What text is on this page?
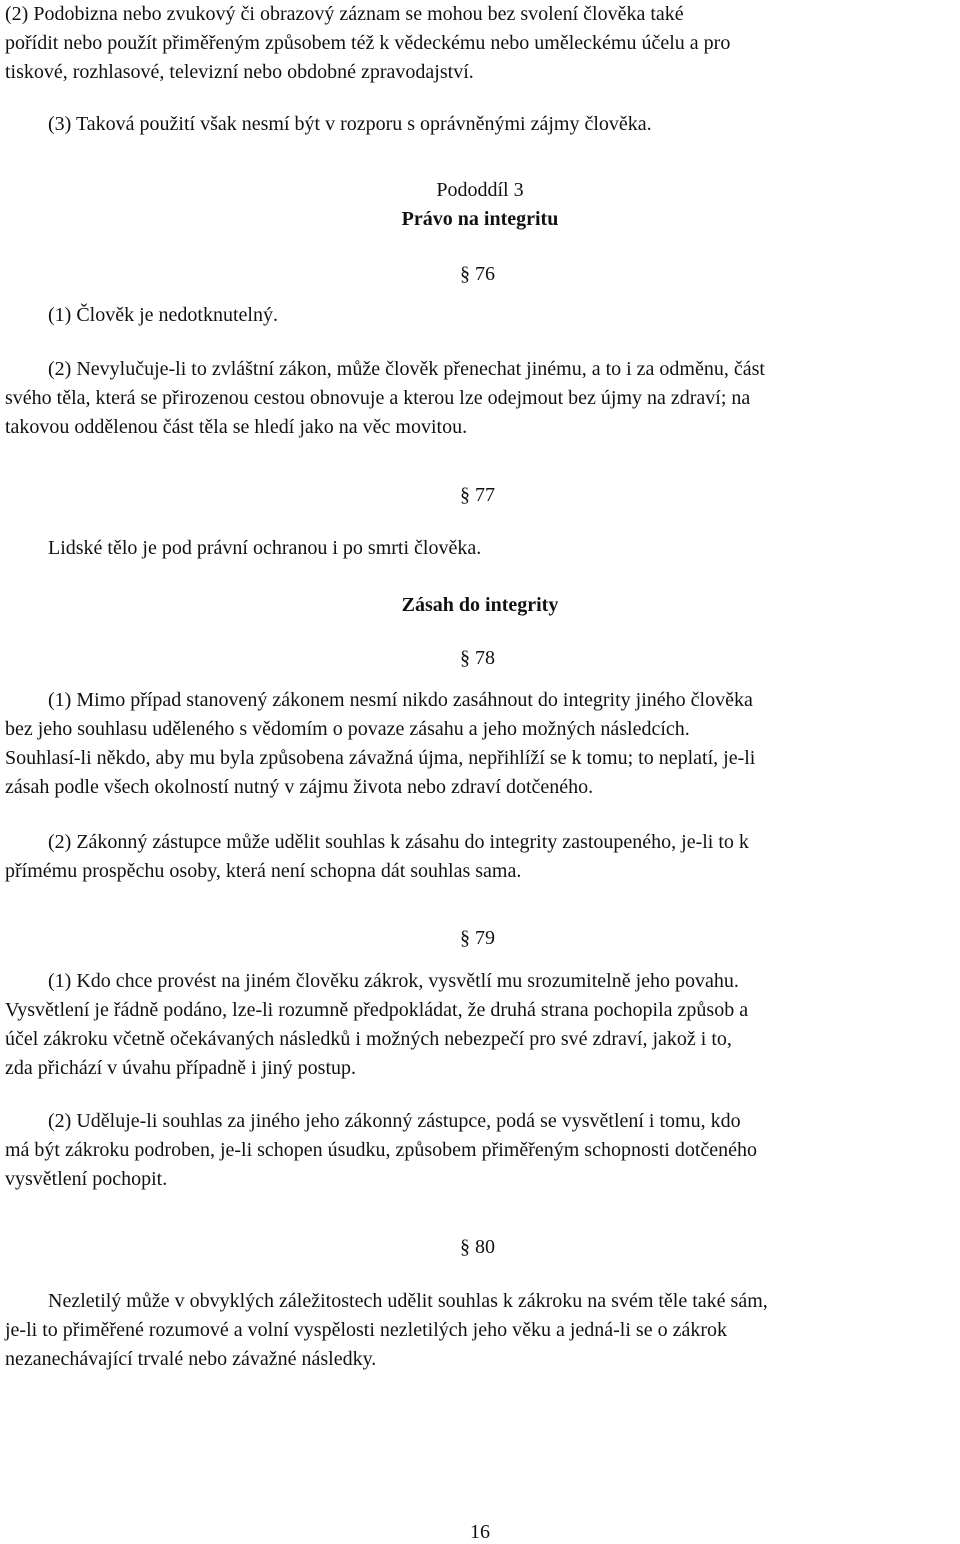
(2) Podobizna nebo zvukový či obrazový záznam se mohou bez svolení člověka také
pořídit nebo použít přiměřeným způsobem též k vědeckému nebo uměleckému účelu a pro
tiskové, rozhlasové, televizní nebo obdobné zpravodajství.
(3) Taková použití však nesmí být v rozporu s oprávněnými zájmy člověka.
Pododdíl 3
Právo na integritu
§ 76
(1) Člověk je nedotknutelný.
(2) Nevylučuje-li to zvláštní zákon, může člověk přenechat jinému, a to i za odměnu, část
svého těla, která se přirozenou cestou obnovuje a kterou lze odejmout bez újmy na zdraví; na
takovou oddělenou část těla se hledí jako na věc movitou.
§ 77
Lidské tělo je pod právní ochranou i po smrti člověka.
Zásah do integrity
§ 78
(1) Mimo případ stanovený zákonem nesmí nikdo zasáhnout do integrity jiného člověka
bez jeho souhlasu uděleného s vědomím o povaze zásahu a jeho možných následcích.
Souhlasí-li někdo, aby mu byla způsobena závažná újma, nepřihlíží se k tomu; to neplatí, je-li
zásah podle všech okolností nutný v zájmu života nebo zdraví dotčeného.
(2) Zákonný zástupce může udělit souhlas k zásahu do integrity zastoupeného, je-li to k
přímému prospěchu osoby, která není schopna dát souhlas sama.
§ 79
(1) Kdo chce provést na jiném člověku zákrok, vysvětlí mu srozumitelně jeho povahu.
Vysvětlení je řádně podáno, lze-li rozumně předpokládat, že druhá strana pochopila způsob a
účel zákroku včetně očekávaných následků i možných nebezpečí pro své zdraví, jakož i to,
zda přichází v úvahu případně i jiný postup.
(2) Uděluje-li souhlas za jiného jeho zákonný zástupce, podá se vysvětlení i tomu, kdo
má být zákroku podroben, je-li schopen úsudku, způsobem přiměřeným schopnosti dotčeného
vysvětlení pochopit.
§ 80
Nezletilý může v obvyklých záležitostech udělit souhlas k zákroku na svém těle také sám,
je-li to přiměřené rozumové a volní vyspělosti nezletilých jeho věku a jedná-li se o zákrok
nezanechávající trvalé nebo závažné následky.
16
